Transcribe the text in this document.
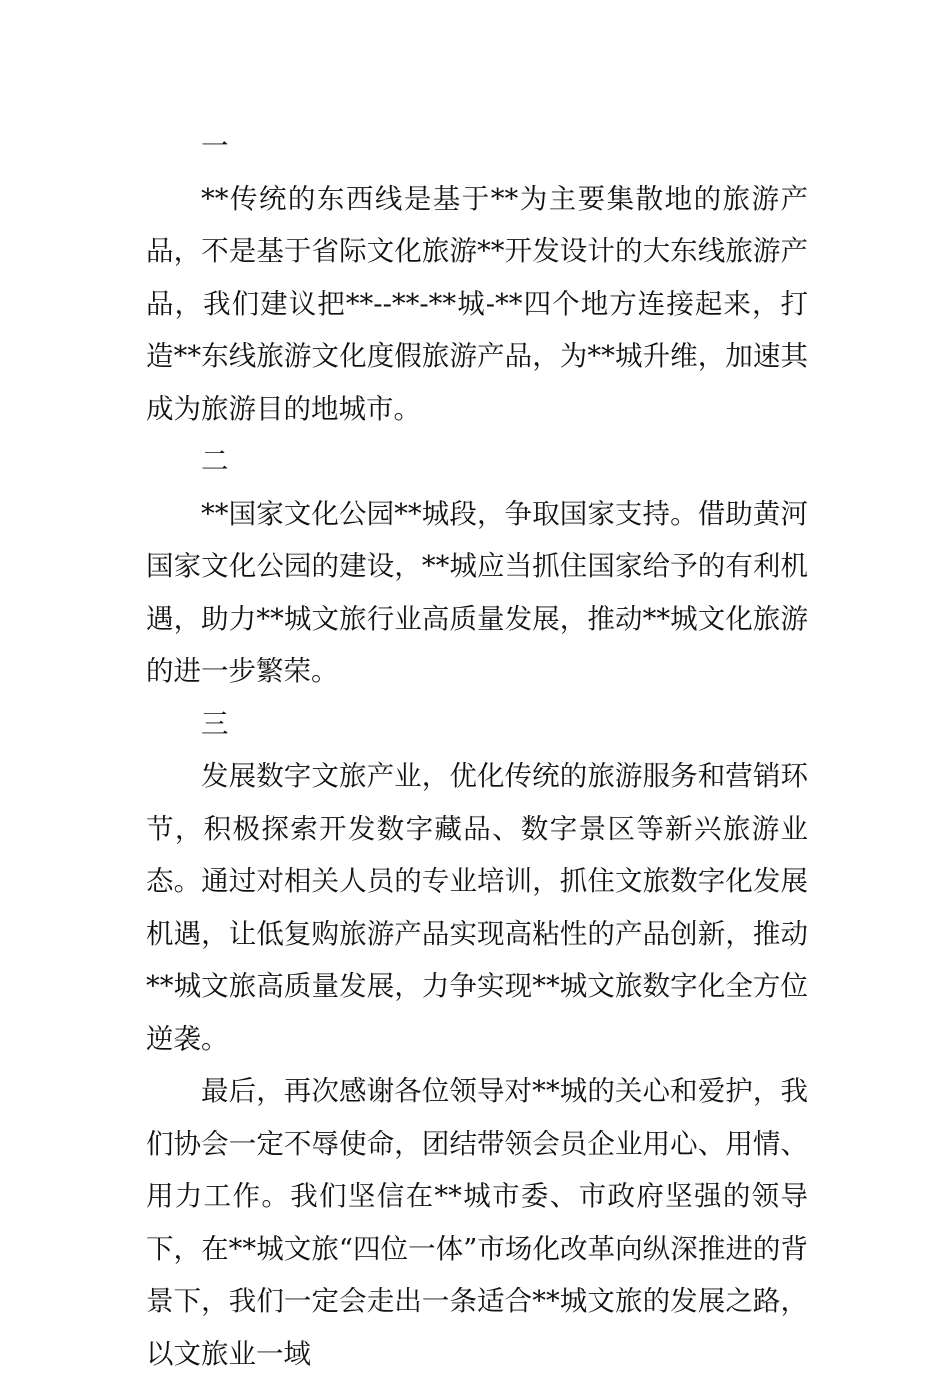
一

**传统的东西线是基于**为主要集散地的旅游产品，不是基于省际文化旅游**开发设计的大东线旅游产品，我们建议把**--**-**城-**四个地方连接起来，打造**东线旅游文化度假旅游产品，为**城升维，加速其成为旅游目的地城市。

二

**国家文化公园**城段，争取国家支持。借助黄河国家文化公园的建设，**城应当抓住国家给予的有利机遇，助力**城文旅行业高质量发展，推动**城文化旅游的进一步繁荣。

三

发展数字文旅产业，优化传统的旅游服务和营销环节，积极探索开发数字藏品、数字景区等新兴旅游业态。通过对相关人员的专业培训，抓住文旅数字化发展机遇，让低复购旅游产品实现高粘性的产品创新，推动**城文旅高质量发展，力争实现**城文旅数字化全方位逆袭。

最后，再次感谢各位领导对**城的关心和爱护，我们协会一定不辱使命，团结带领会员企业用心、用情、用力工作。我们坚信在**城市委、市政府坚强的领导下，在**城文旅“四位一体”市场化改革向纵深推进的背景下，我们一定会走出一条适合**城文旅的发展之路，以文旅业一域
